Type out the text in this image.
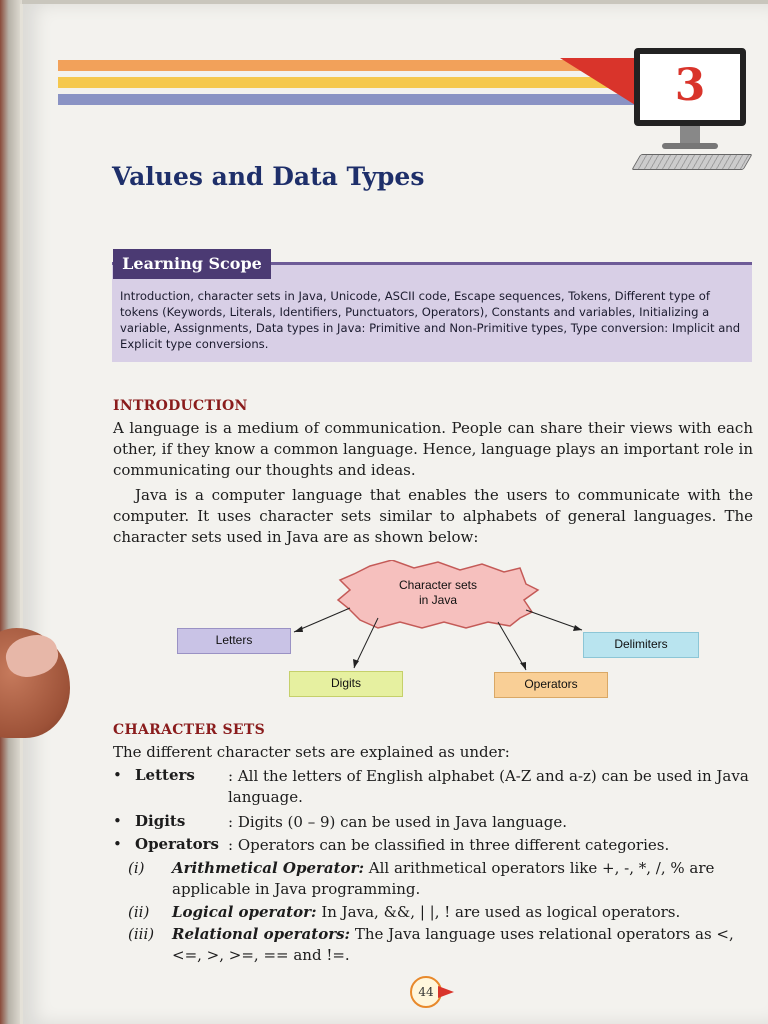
3
Values and Data Types
Learning Scope

Introduction, character sets in Java, Unicode, ASCII code, Escape sequences, Tokens, Different type of tokens (Keywords, Literals, Identifiers, Punctuators, Operators), Constants and variables, Initializing a variable, Assignments, Data types in Java: Primitive and Non-Primitive types, Type conversion: Implicit and Explicit type conversions.

INTRODUCTION

A language is a medium of communication. People can share their views with each other, if they know a common language. Hence, language plays an important role in communicating our thoughts and ideas.

Java is a computer language that enables the users to communicate with the computer. It uses character sets similar to alphabets of general languages. The character sets used in Java are as shown below:

Character sets
in Java
Letters	Delimiters
Digits	Operators
CHARACTER SETS

The different character sets are explained as under:

• Letters : All the letters of English alphabet (A-Z and a-z) can be used in Java language.
• Digits	: Digits (0 – 9) can be used in Java language.
• Operators : Operators can be classified in three different categories.
(i) Arithmetical Operator: All arithmetical operators like +, -, *, /, % are applicable in Java programming.
(ii) Logical operator: In Java, &&, | |, ! are used as logical operators.
(iii) Relational operators: The Java language uses relational operators as <, <=, >, >=, == and !=.
44
